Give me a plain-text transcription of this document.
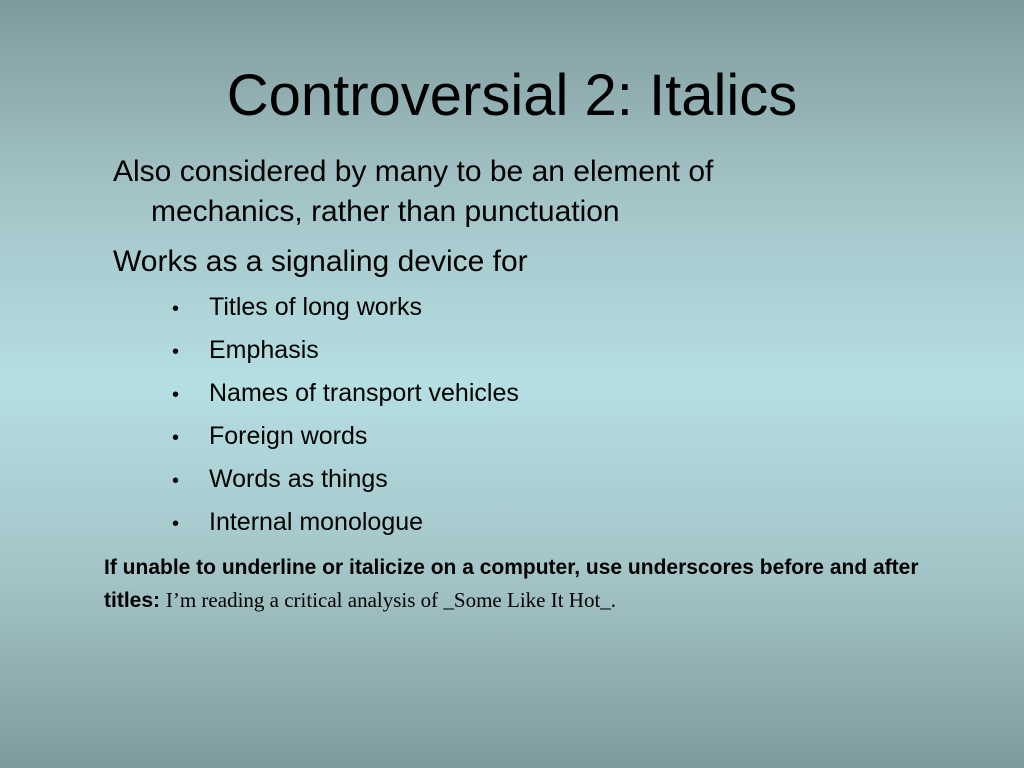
Controversial 2: Italics
Also considered by many to be an element of mechanics, rather than punctuation
Works as a signaling device for
•	Titles of long works
•	Emphasis
•	Names of transport vehicles
•	Foreign words
•	Words as things
•	Internal monologue

If unable to underline or italicize on a computer, use underscores before and after titles: I’m reading a critical analysis of _Some Like It Hot_.
